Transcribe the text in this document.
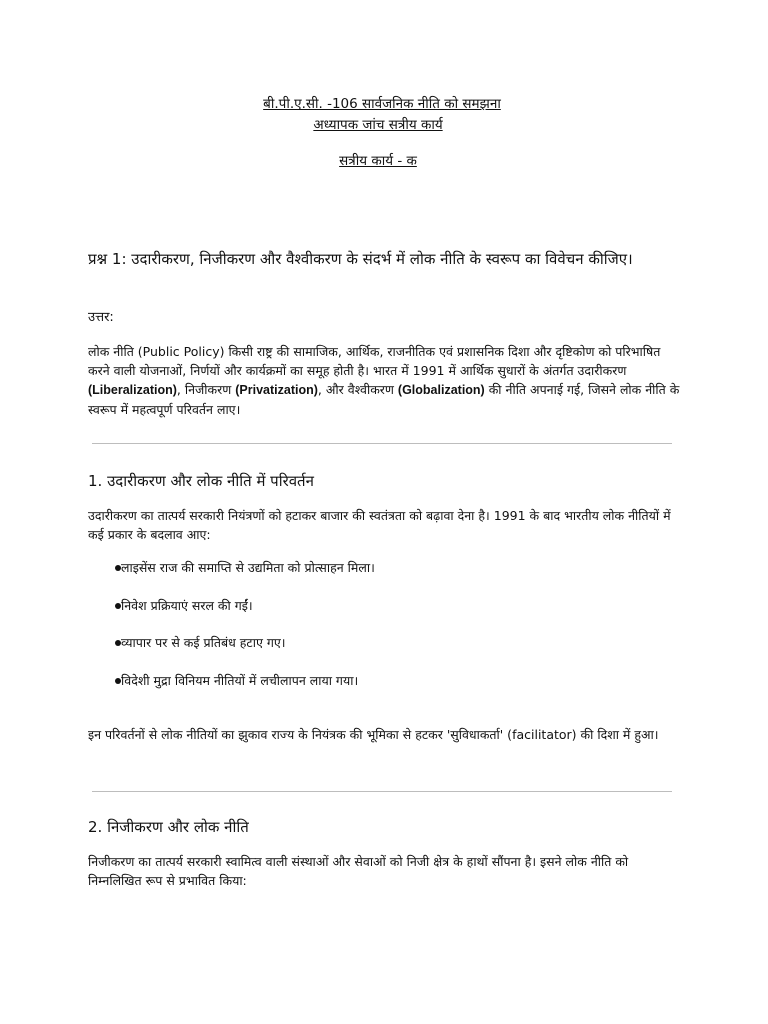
बी.पी.ए.सी. -106 सार्वजनिक नीति को समझना
अध्यापक जांच सत्रीय कार्य
सत्रीय कार्य - क
प्रश्न 1: उदारीकरण, निजीकरण और वैश्वीकरण के संदर्भ में लोक नीति के स्वरूप का विवेचन कीजिए।
उत्तर:
लोक नीति (Public Policy) किसी राष्ट्र की सामाजिक, आर्थिक, राजनीतिक एवं प्रशासनिक दिशा और दृष्टिकोण को परिभाषित करने वाली योजनाओं, निर्णयों और कार्यक्रमों का समूह होती है। भारत में 1991 में आर्थिक सुधारों के अंतर्गत उदारीकरण (Liberalization), निजीकरण (Privatization), और वैश्वीकरण (Globalization) की नीति अपनाई गई, जिसने लोक नीति के स्वरूप में महत्वपूर्ण परिवर्तन लाए।
1. उदारीकरण और लोक नीति में परिवर्तन
उदारीकरण का तात्पर्य सरकारी नियंत्रणों को हटाकर बाजार की स्वतंत्रता को बढ़ावा देना है। 1991 के बाद भारतीय लोक नीतियों में कई प्रकार के बदलाव आए:
लाइसेंस राज की समाप्ति से उद्यमिता को प्रोत्साहन मिला।
निवेश प्रक्रियाएं सरल की गईं।
व्यापार पर से कई प्रतिबंध हटाए गए।
विदेशी मुद्रा विनियम नीतियों में लचीलापन लाया गया।
इन परिवर्तनों से लोक नीतियों का झुकाव राज्य के नियंत्रक की भूमिका से हटकर 'सुविधाकर्ता' (facilitator) की दिशा में हुआ।
2. निजीकरण और लोक नीति
निजीकरण का तात्पर्य सरकारी स्वामित्व वाली संस्थाओं और सेवाओं को निजी क्षेत्र के हाथों सौंपना है। इसने लोक नीति को निम्नलिखित रूप से प्रभावित किया:
